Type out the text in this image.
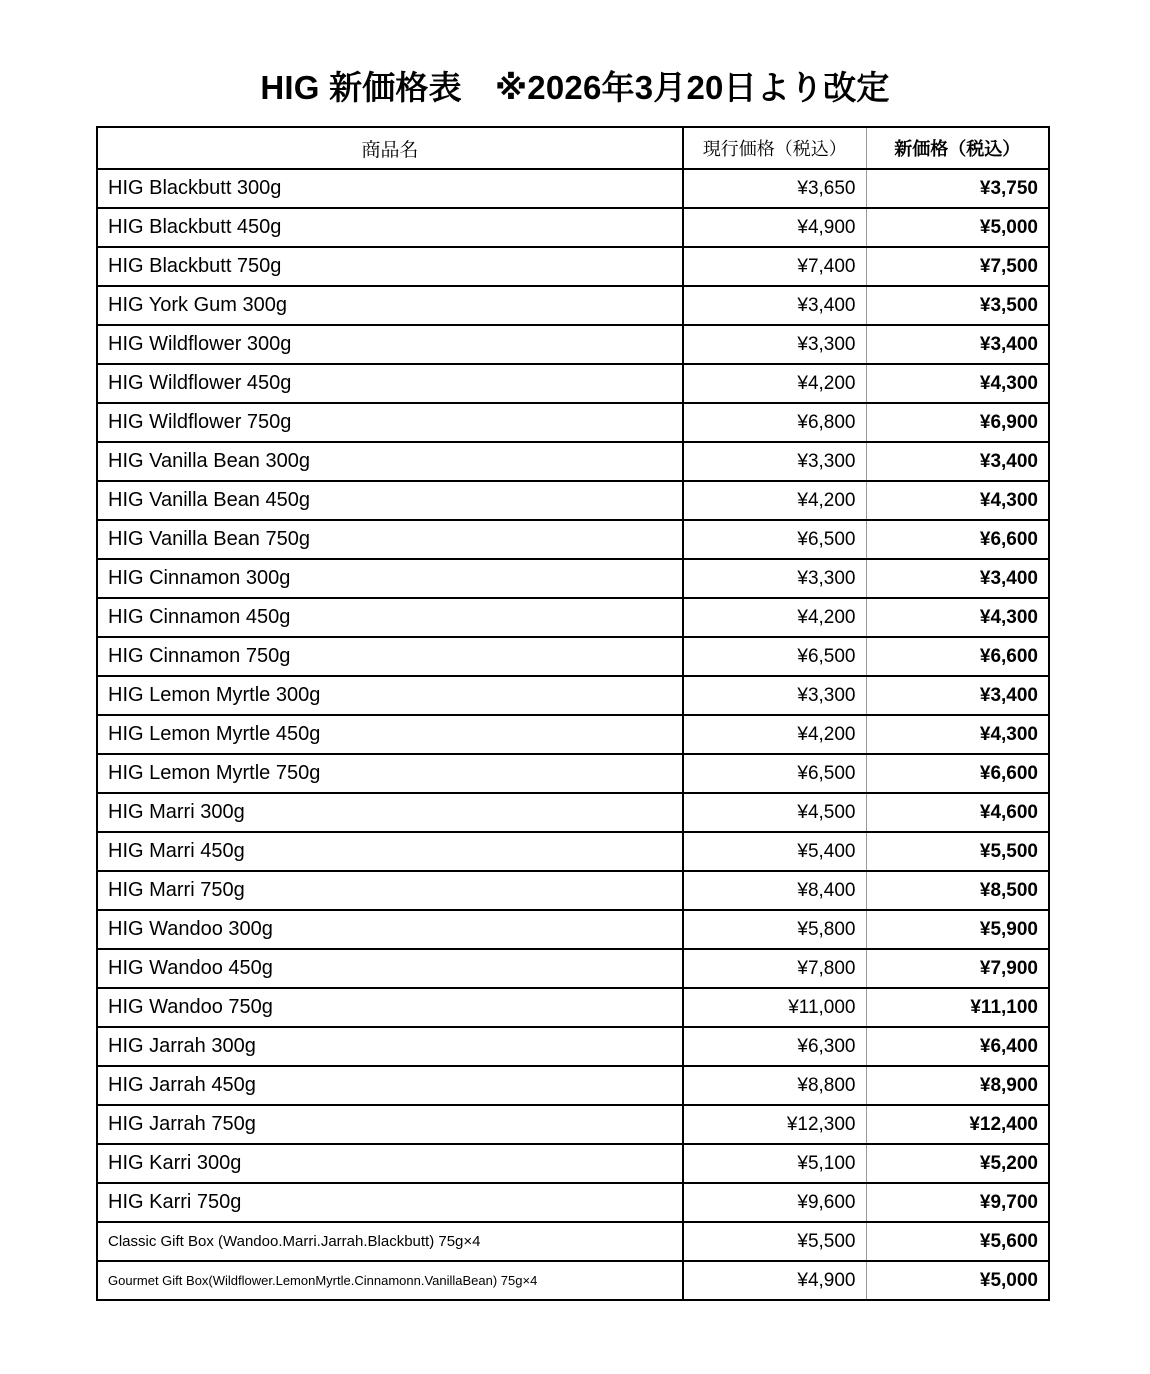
HIG 新価格表　※2026年3月20日より改定
商品名	現行価格（税込）	新価格（税込）
HIG Blackbutt 300g	¥3,650	¥3,750
HIG Blackbutt 450g	¥4,900	¥5,000
HIG Blackbutt 750g	¥7,400	¥7,500
HIG York Gum 300g	¥3,400	¥3,500
HIG Wildflower 300g	¥3,300	¥3,400
HIG Wildflower 450g	¥4,200	¥4,300
HIG Wildflower 750g	¥6,800	¥6,900
HIG Vanilla Bean 300g	¥3,300	¥3,400
HIG Vanilla Bean 450g	¥4,200	¥4,300
HIG Vanilla Bean 750g	¥6,500	¥6,600
HIG Cinnamon 300g	¥3,300	¥3,400
HIG Cinnamon 450g	¥4,200	¥4,300
HIG Cinnamon 750g	¥6,500	¥6,600
HIG Lemon Myrtle 300g	¥3,300	¥3,400
HIG Lemon Myrtle 450g	¥4,200	¥4,300
HIG Lemon Myrtle 750g	¥6,500	¥6,600
HIG Marri 300g	¥4,500	¥4,600
HIG Marri 450g	¥5,400	¥5,500
HIG Marri 750g	¥8,400	¥8,500
HIG Wandoo 300g	¥5,800	¥5,900
HIG Wandoo 450g	¥7,800	¥7,900
HIG Wandoo 750g	¥11,000	¥11,100
HIG Jarrah 300g	¥6,300	¥6,400
HIG Jarrah 450g	¥8,800	¥8,900
HIG Jarrah 750g	¥12,300	¥12,400
HIG Karri 300g	¥5,100	¥5,200
HIG Karri 750g	¥9,600	¥9,700
Classic Gift Box (Wandoo.Marri.Jarrah.Blackbutt) 75g×4	¥5,500	¥5,600
Gourmet Gift Box(Wildflower.LemonMyrtle.Cinnamonn.VanillaBean) 75g×4	¥4,900	¥5,000
